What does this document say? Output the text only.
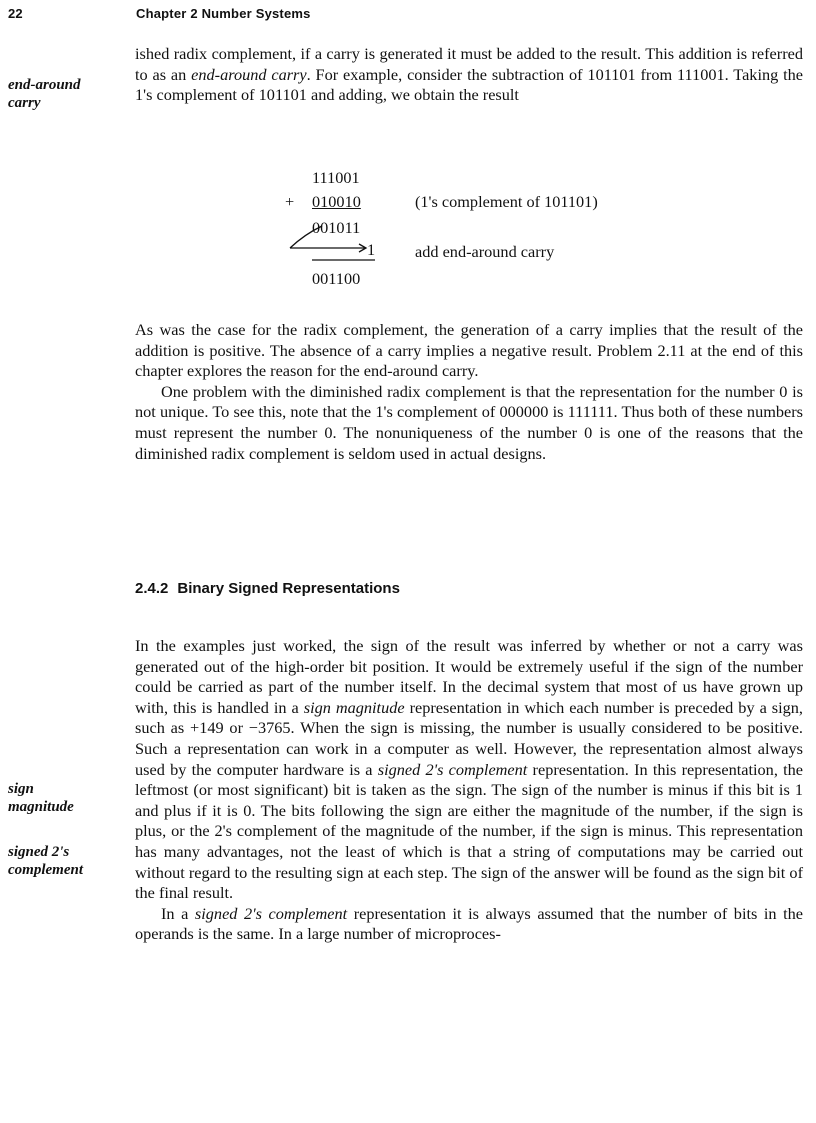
22	Chapter 2 Number Systems
end-around
carry
sign
magnitude
signed 2's
complement

ished radix complement, if a carry is generated it must be added to the result. This addition is referred to as an end-around carry. For example, consider the subtraction of 101101 from 111001. Taking the 1's complement of 101101 and adding, we obtain the result

111001
+ 010010	(1's complement of 101101)
001011
1 add end-around carry
001100

As was the case for the radix complement, the generation of a carry implies that the result of the addition is positive. The absence of a carry implies a negative result. Problem 2.11 at the end of this chapter explores the reason for the end-around carry.

One problem with the diminished radix complement is that the representation for the number 0 is not unique. To see this, note that the 1's complement of 000000 is 111111. Thus both of these numbers must represent the number 0. The nonuniqueness of the number 0 is one of the reasons that the diminished radix complement is seldom used in actual designs.

2.4.2 Binary Signed Representations

In the examples just worked, the sign of the result was inferred by whether or not a carry was generated out of the high-order bit position. It would be extremely useful if the sign of the number could be carried as part of the number itself. In the decimal system that most of us have grown up with, this is handled in a sign magnitude representation in which each number is preceded by a sign, such as +149 or −3765. When the sign is missing, the number is usually considered to be positive. Such a representation can work in a computer as well. However, the representation almost always used by the computer hardware is a signed 2's complement representation. In this representation, the leftmost (or most significant) bit is taken as the sign. The sign of the number is minus if this bit is 1 and plus if it is 0. The bits following the sign are either the magnitude of the number, if the sign is plus, or the 2's complement of the magnitude of the number, if the sign is minus. This representation has many advantages, not the least of which is that a string of computations may be carried out without regard to the resulting sign at each step. The sign of the answer will be found as the sign bit of the final result.

In a signed 2's complement representation it is always assumed that the number of bits in the operands is the same. In a large number of microproces-
